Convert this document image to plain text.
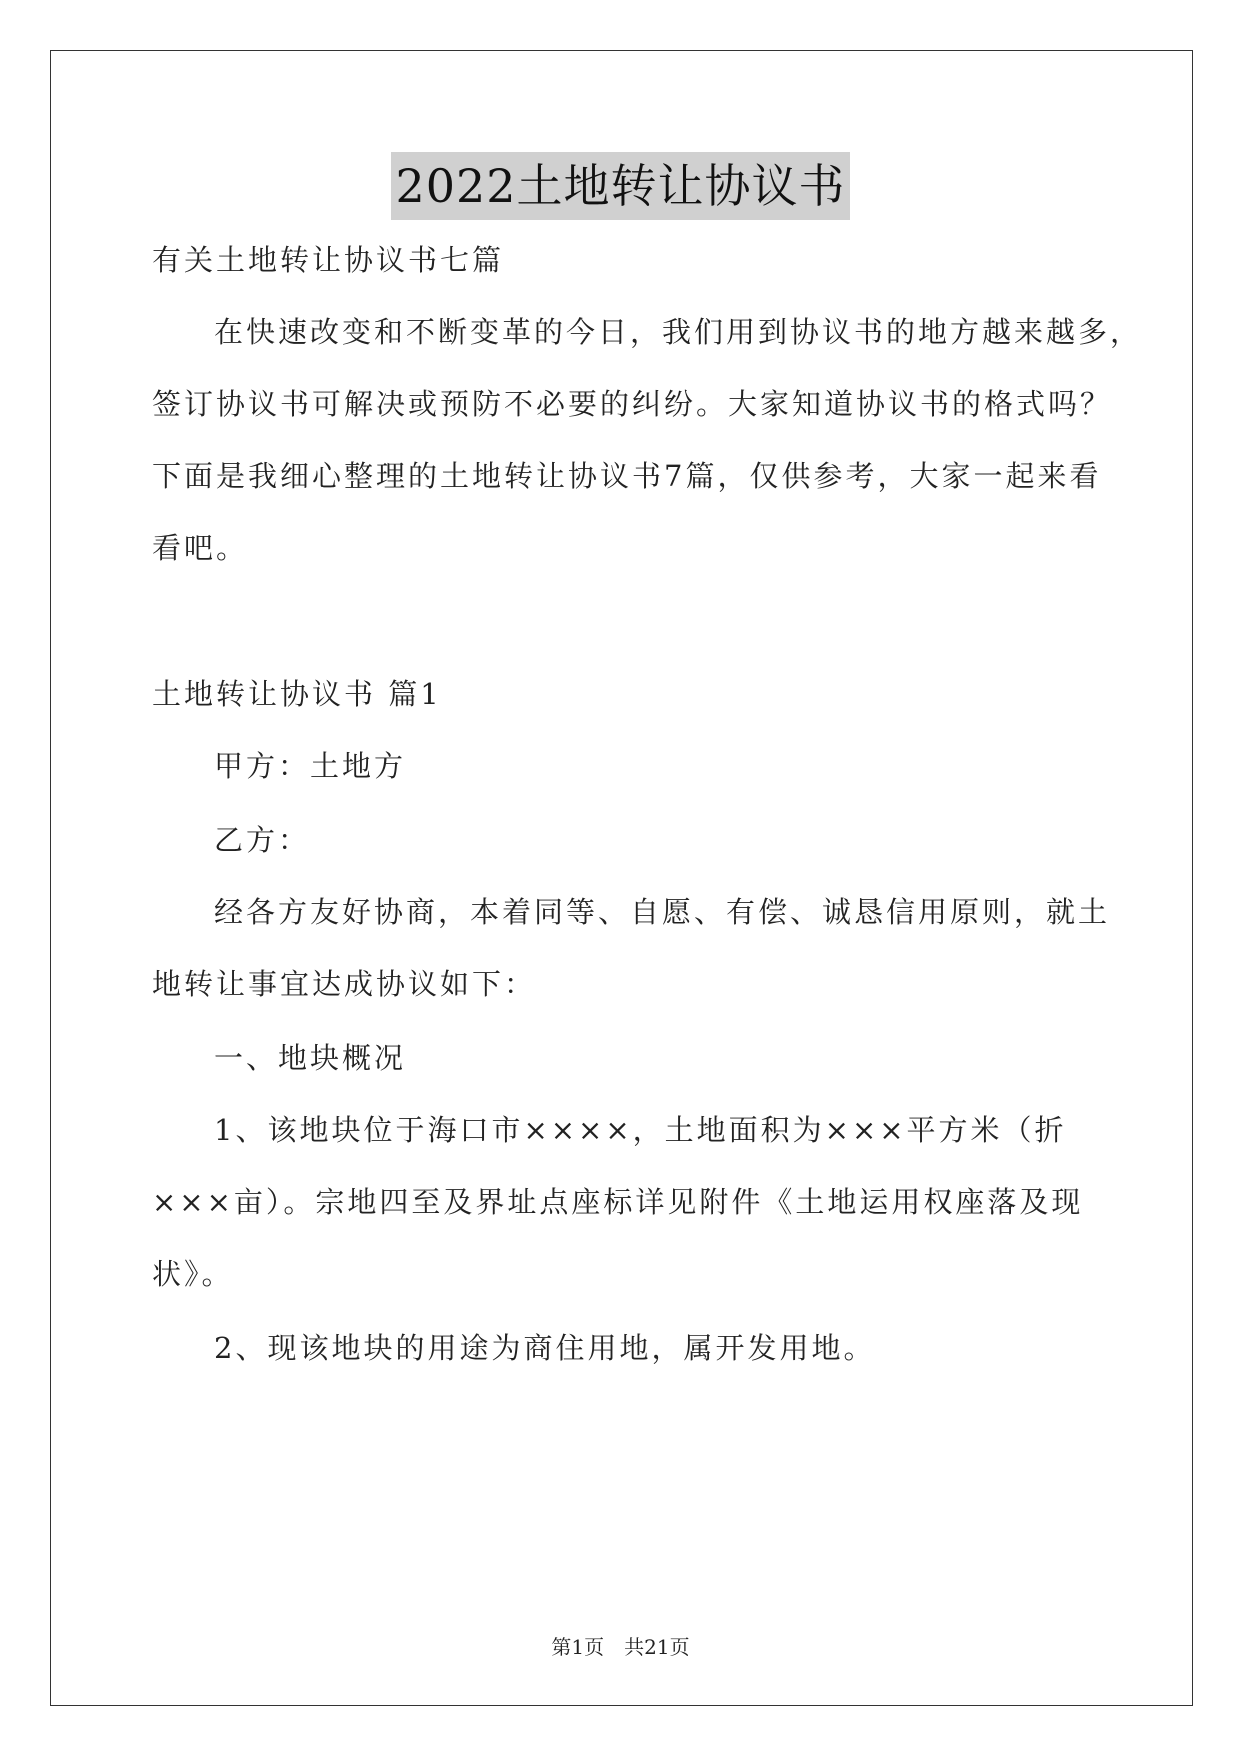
2022土地转让协议书
有关土地转让协议书七篇
在快速改变和不断变革的今日，我们用到协议书的地方越来越多，
签订协议书可解决或预防不必要的纠纷。大家知道协议书的格式吗？
下面是我细心整理的土地转让协议书7篇，仅供参考，大家一起来看
看吧。
土地转让协议书 篇1
甲方：土地方
乙方：
经各方友好协商，本着同等、自愿、有偿、诚恳信用原则，就土
地转让事宜达成协议如下：
一、地块概况
1、该地块位于海口市××××，土地面积为×××平方米（折
×××亩）。宗地四至及界址点座标详见附件《土地运用权座落及现
状》。
2、现该地块的用途为商住用地，属开发用地。
第1页　共21页
